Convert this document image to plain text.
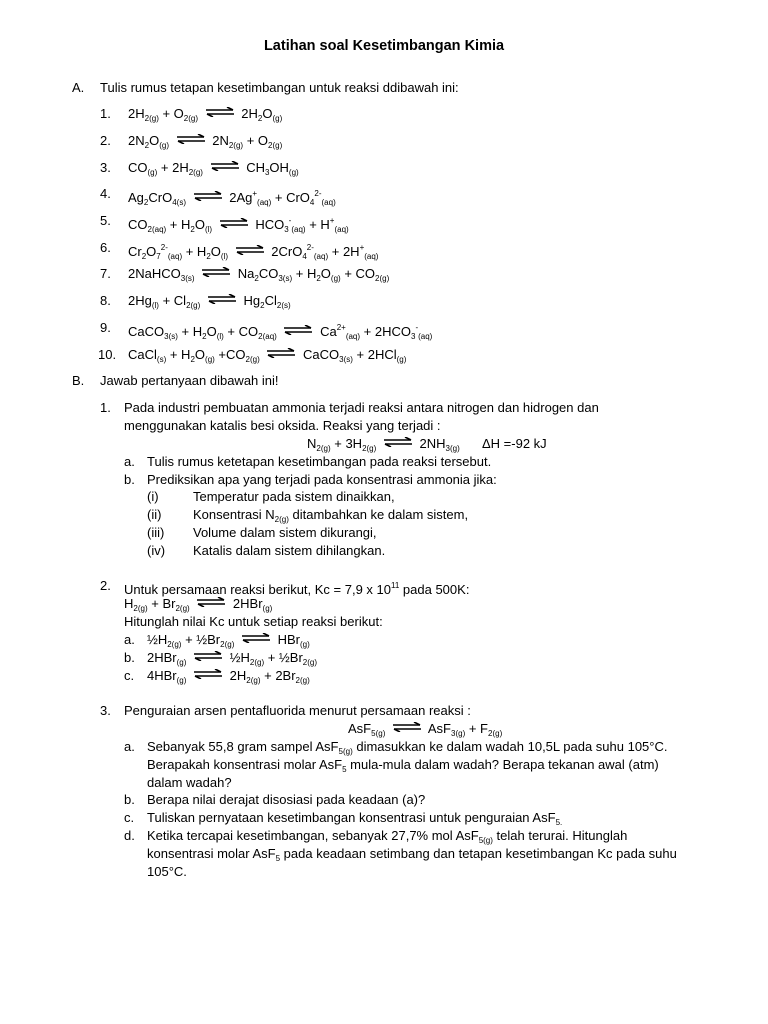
Latihan soal Kesetimbangan Kimia
A. Tulis rumus tetapan kesetimbangan untuk reaksi ddibawah ini:
1. $2H_{2(g)} + O_{2(g)}$ ⇌ $2H_2O_{(g)}$
2. $2N_2O_{(g)}$ ⇌ $2N_{2(g)} + O_{2(g)}$
3. $CO_{(g)} + 2H_{2(g)}$ ⇌ $CH_3OH_{(g)}$
4. $Ag_2CrO_{4(s)}$ ⇌ $2Ag^+_{(aq)} + CrO_4^{2-}_{(aq)}$
5. $CO_{2(aq)} + H_2O_{(l)}$ ⇌ $HCO_3^-_{(aq)} + H^+_{(aq)}$
6. $Cr_2O_7^{2-}_{(aq)} + H_2O_{(l)}$ ⇌ $2CrO_4^{2-}_{(aq)} + 2H^+_{(aq)}$
7. 2NaHCO$_{3(s)}$ ⇌ $Na_2CO_{3(s)} + H_2O_{(g)} + CO_{2(g)}$
8. $2Hg_{(l)} + Cl_{2(g)}$ ⇌ $Hg_2Cl_{2(s)}$
9. CaCO$_{3(s)}$ + $H_2O_{(l)} + CO_{2(aq)}$ ⇌ $Ca^{2+}_{(aq)} + 2HCO_3^-_{(aq)}$
10. CaCl$_{(s)}$ + $H_2O_{(g)} +CO_{2(g)}$ ⇌ CaCO$_{3(s)}$ + 2HCl$_{(g)}$
B. Jawab pertanyaan dibawah ini!
1. Pada industri pembuatan ammonia terjadi reaksi antara nitrogen dan hidrogen dan
menggunakan katalis besi oksida. Reaksi yang terjadi :
$N_{2(g)} + 3H_{2(g)}$ ⇌ $2NH_{3(g)}$ ΔH =-92 kJ
a. Tulis rumus ketetapan kesetimbangan pada reaksi tersebut.
b. Prediksikan apa yang terjadi pada konsentrasi ammonia jika:
(i)	Temperatur pada sistem dinaikkan,
(ii) Konsentrasi $N_{2(g)}$ ditambahkan ke dalam sistem,
(iii) Volume dalam sistem dikurangi,
(iv) Katalis dalam sistem dihilangkan.
2. Untuk persamaan reaksi berikut, Kc = 7,9 x $10^{11}$ pada 500K:
$H_{2(g)} + Br_{2(g)}$ ⇌ 2HBr$_{(g)}$
Hitunglah nilai Kc untuk setiap reaksi berikut:
a. $\frac{1}{2}H_{2(g)}$ + $\frac{1}{2}Br_{2(g)}$ ⇌ HBr$_{(g)}$
b. 2HBr$_{(g)}$ ⇌ $\frac{1}{2}H_{2(g)}$ + $\frac{1}{2}Br_{2(g)}$
c. 4HBr$_{(g)}$ ⇌ $2H_{2(g)} + 2Br_{2(g)}$
3. Penguraian arsen pentafluorida menurut persamaan reaksi :
AsF$_{5(g)}$ ⇌ $AsF_{3(g)} + F_{2(g)}$
a. Sebanyak 55,8 gram sampel AsF$_{5(g)}$ dimasukkan ke dalam wadah 10,5L pada suhu 105°C.
Berapakah konsentrasi molar AsF$_5$ mula-mula dalam wadah? Berapa tekanan awal (atm)
dalam wadah?
b. Berapa nilai derajat disosiasi pada keadaan (a)?
c. Tuliskan pernyataan kesetimbangan konsentrasi untuk penguraian AsF$_{5.}$
d. Ketika tercapai kesetimbangan, sebanyak 27,7% mol AsF$_{5(g)}$ telah terurai. Hitunglah
konsentrasi molar AsF$_5$ pada keadaan setimbang dan tetapan kesetimbangan Kc pada suhu
105°C.
